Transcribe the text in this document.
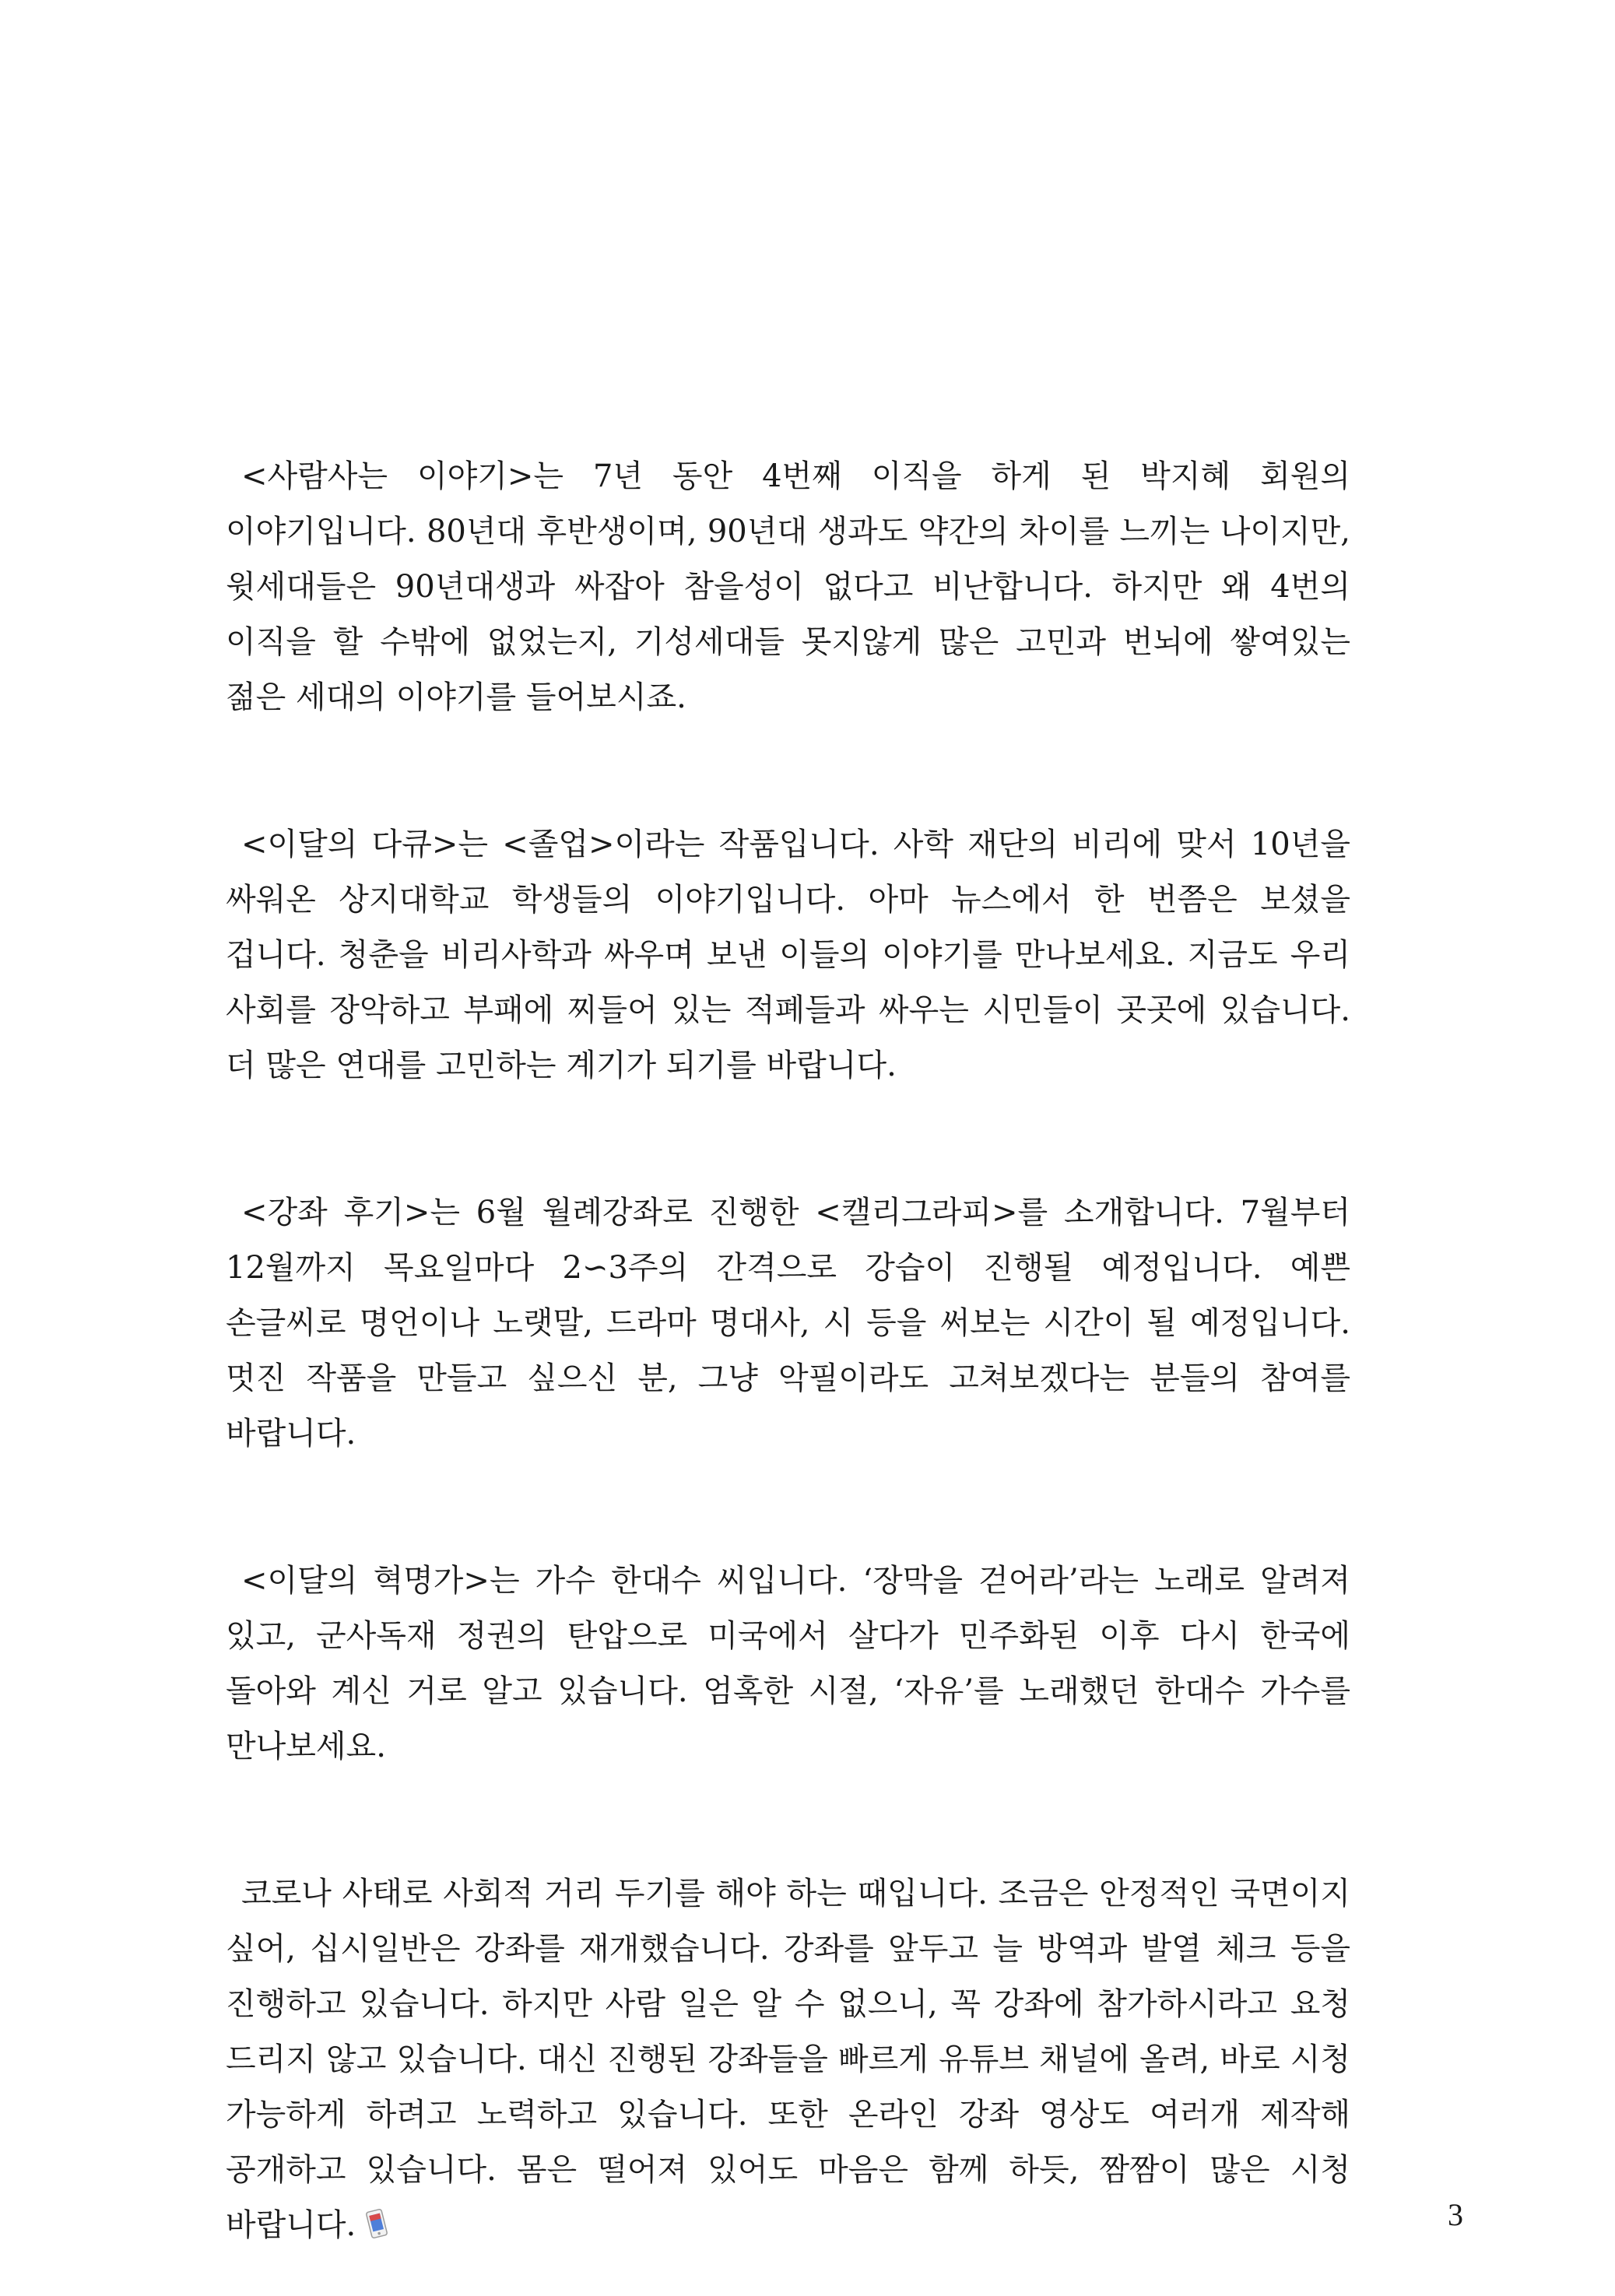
<사람사는 이야기>는 7년 동안 4번째 이직을 하게 된 박지혜 회원의 이야기입니다. 80년대 후반생이며, 90년대 생과도 약간의 차이를 느끼는 나이지만, 윗세대들은 90년대생과 싸잡아 참을성이 없다고 비난합니다. 하지만 왜 4번의 이직을 할 수밖에 없었는지, 기성세대들 못지않게 많은 고민과 번뇌에 쌓여있는 젊은 세대의 이야기를 들어보시죠.

<이달의 다큐>는 <졸업>이라는 작품입니다. 사학 재단의 비리에 맞서 10년을 싸워온 상지대학교 학생들의 이야기입니다. 아마 뉴스에서 한 번쯤은 보셨을 겁니다. 청춘을 비리사학과 싸우며 보낸 이들의 이야기를 만나보세요. 지금도 우리 사회를 장악하고 부패에 찌들어 있는 적폐들과 싸우는 시민들이 곳곳에 있습니다. 더 많은 연대를 고민하는 계기가 되기를 바랍니다.

<강좌 후기>는 6월 월례강좌로 진행한 <캘리그라피>를 소개합니다. 7월부터 12월까지 목요일마다 2∽3주의 간격으로 강습이 진행될 예정입니다. 예쁜 손글씨로 명언이나 노랫말, 드라마 명대사, 시 등을 써보는 시간이 될 예정입니다. 멋진 작품을 만들고 싶으신 분, 그냥 악필이라도 고쳐보겠다는 분들의 참여를 바랍니다.

<이달의 혁명가>는 가수 한대수 씨입니다. ‘장막을 걷어라’라는 노래로 알려져 있고, 군사독재 정권의 탄압으로 미국에서 살다가 민주화된 이후 다시 한국에 돌아와 계신 거로 알고 있습니다. 엄혹한 시절, ‘자유’를 노래했던 한대수 가수를 만나보세요.

코로나 사태로 사회적 거리 두기를 해야 하는 때입니다. 조금은 안정적인 국면이지 싶어, 십시일반은 강좌를 재개했습니다. 강좌를 앞두고 늘 방역과 발열 체크 등을 진행하고 있습니다. 하지만 사람 일은 알 수 없으니, 꼭 강좌에 참가하시라고 요청 드리지 않고 있습니다. 대신 진행된 강좌들을 빠르게 유튜브 채널에 올려, 바로 시청 가능하게 하려고 노력하고 있습니다. 또한 온라인 강좌 영상도 여러개 제작해 공개하고 있습니다. 몸은 떨어져 있어도 마음은 함께 하듯, 짬짬이 많은 시청 바랍니다.	3
